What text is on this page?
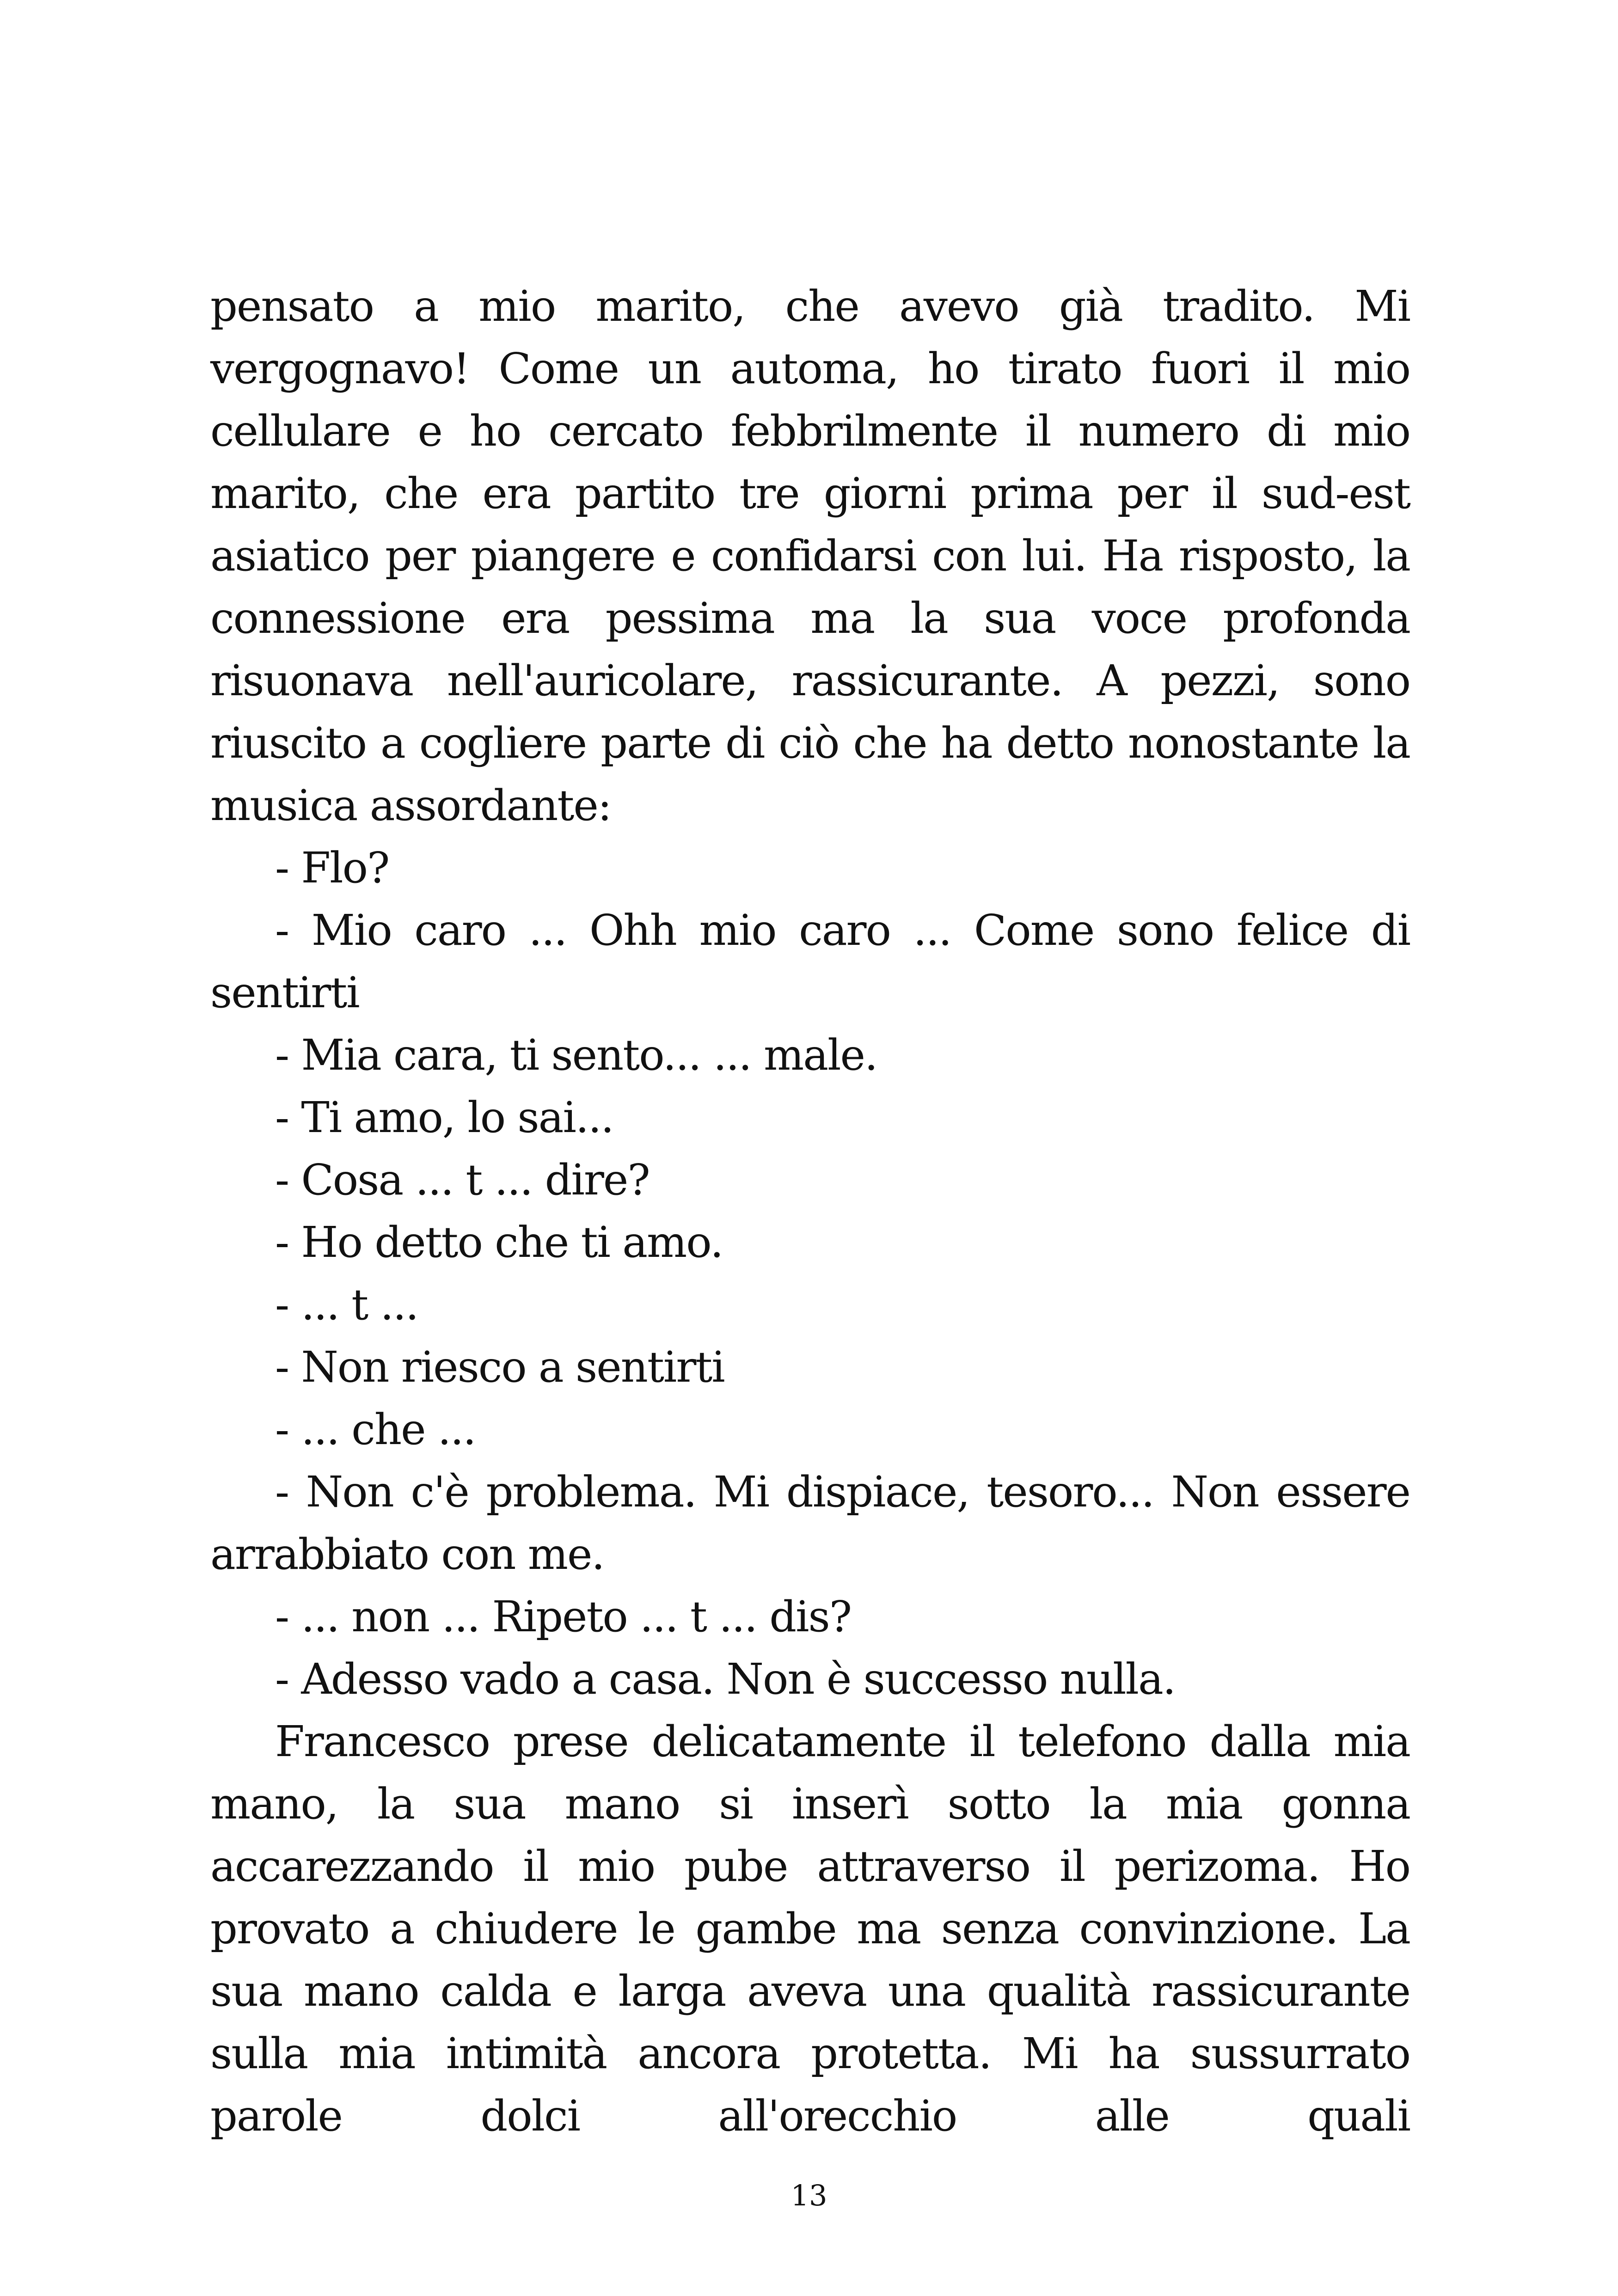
pensato a mio marito, che avevo già tradito. Mi vergognavo! Come un automa, ho tirato fuori il mio cellulare e ho cercato febbrilmente il numero di mio marito, che era partito tre giorni prima per il sud-est asiatico per piangere e confidarsi con lui. Ha risposto, la connessione era pessima ma la sua voce profonda risuonava nell'auricolare, rassicurante. A pezzi, sono riuscito a cogliere parte di ciò che ha detto nonostante la musica assordante:

- Flo?

- Mio caro ... Ohh mio caro ... Come sono felice di sentirti

- Mia cara, ti sento... ... male.

- Ti amo, lo sai...

- Cosa ... t ... dire?

- Ho detto che ti amo.

- ... t ...

- Non riesco a sentirti

- ... che ...

- Non c'è problema. Mi dispiace, tesoro... Non essere arrabbiato con me.

- ... non ... Ripeto ... t ... dis?

- Adesso vado a casa. Non è successo nulla.

Francesco prese delicatamente il telefono dalla mia mano, la sua mano si inserì sotto la mia gonna accarezzando il mio pube attraverso il perizoma. Ho provato a chiudere le gambe ma senza convinzione. La sua mano calda e larga aveva una qualità rassicurante sulla mia intimità ancora protetta. Mi ha sussurrato parole dolci all'orecchio alle quali

13
